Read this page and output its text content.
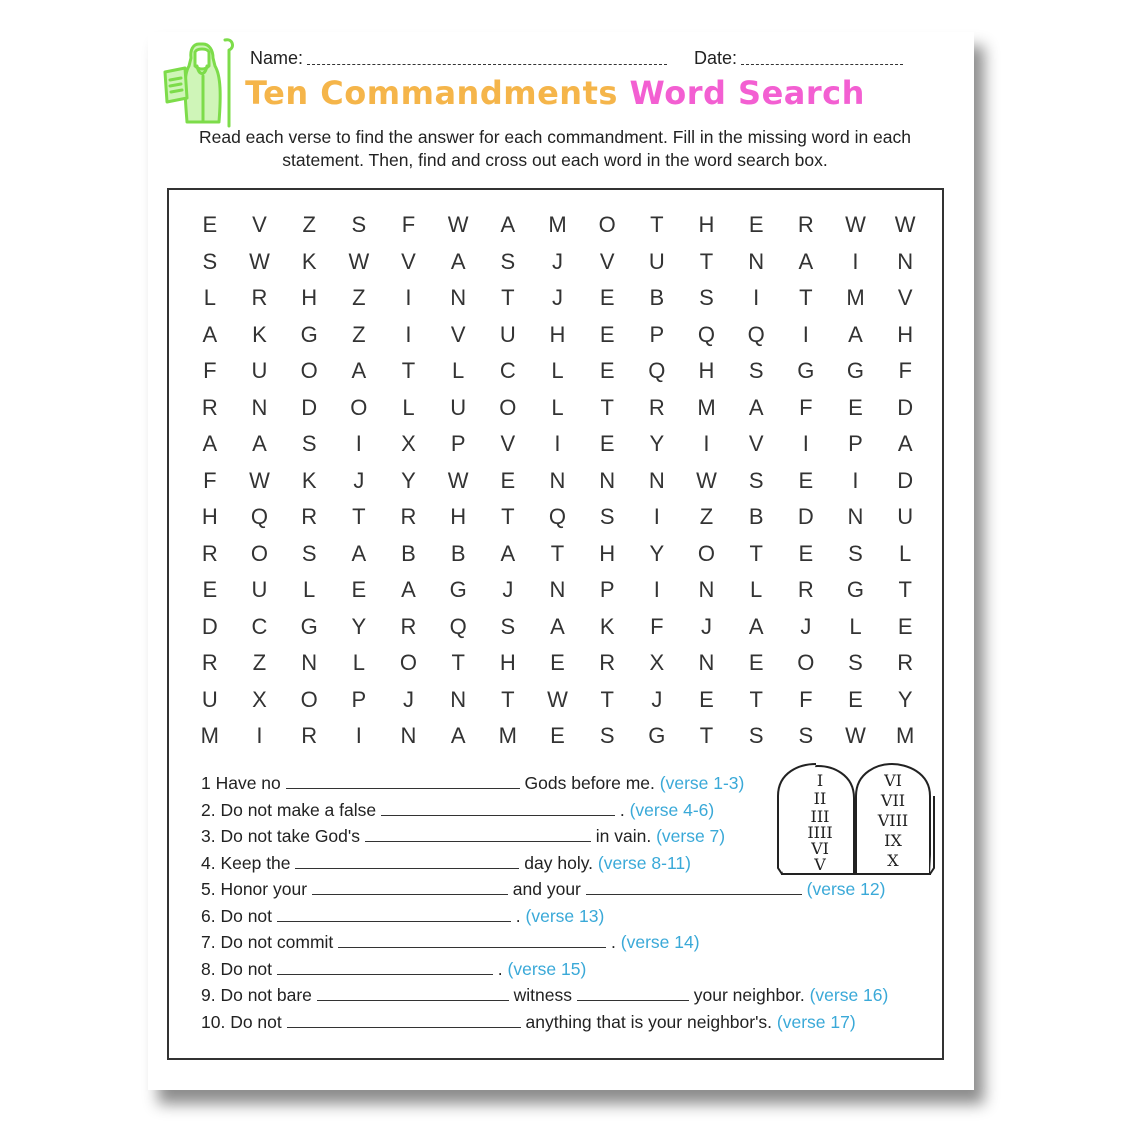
Name:	Date:
Ten Commandments Word Search
Read each verse to find the answer for each commandment. Fill in the missing word in each statement. Then, find and cross out each word in the word search box.
E	V	Z	S	F	W	A	M	O	T	H	E	R	W	W
S	W	K	W	V	A	S	J	V	U	T	N	A	I	N
L	R	H	Z	I	N	T	J	E	B	S	I	T	M	V
A	K	G	Z	I	V	U	H	E	P	Q	Q	I	A	H
F	U	O	A	T	L	C	L	E	Q	H	S	G	G	F
R	N	D	O	L	U	O	L	T	R	M	A	F	E	D
A	A	S	I	X	P	V	I	E	Y	I	V	I	P	A
F	W	K	J	Y	W	E	N	N	N	W	S	E	I	D
H	Q	R	T	R	H	T	Q	S	I	Z	B	D	N	U
R	O	S	A	B	B	A	T	H	Y	O	T	E	S	L
E	U	L	E	A	G	J	N	P	I	N	L	R	G	T
D	C	G	Y	R	Q	S	A	K	F	J	A	J	L	E
R	Z	N	L	O	T	H	E	R	X	N	E	O	S	R
U	X	O	P	J	N	T	W	T	J	E	T	F	E	Y
M	I	R	I	N	A	M	E	S	G	T	S	S	W	M
1 Have no	Gods before me. (verse 1-3)
2. Do not make a false	. (verse 4-6)
3. Do not take God's	in vain. (verse 7)
4. Keep the	day holy. (verse 8-11)
5. Honor your	and your	(verse 12)
6. Do not	. (verse 13)
7. Do not commit	. (verse 14)
8. Do not	. (verse 15)
9. Do not bare	witness	your neighbor. (verse 16)
10. Do not	anything that is your neighbor's. (verse 17)
I
II
III
IIII
VI
V
VI
VII
VIII
IX
X
